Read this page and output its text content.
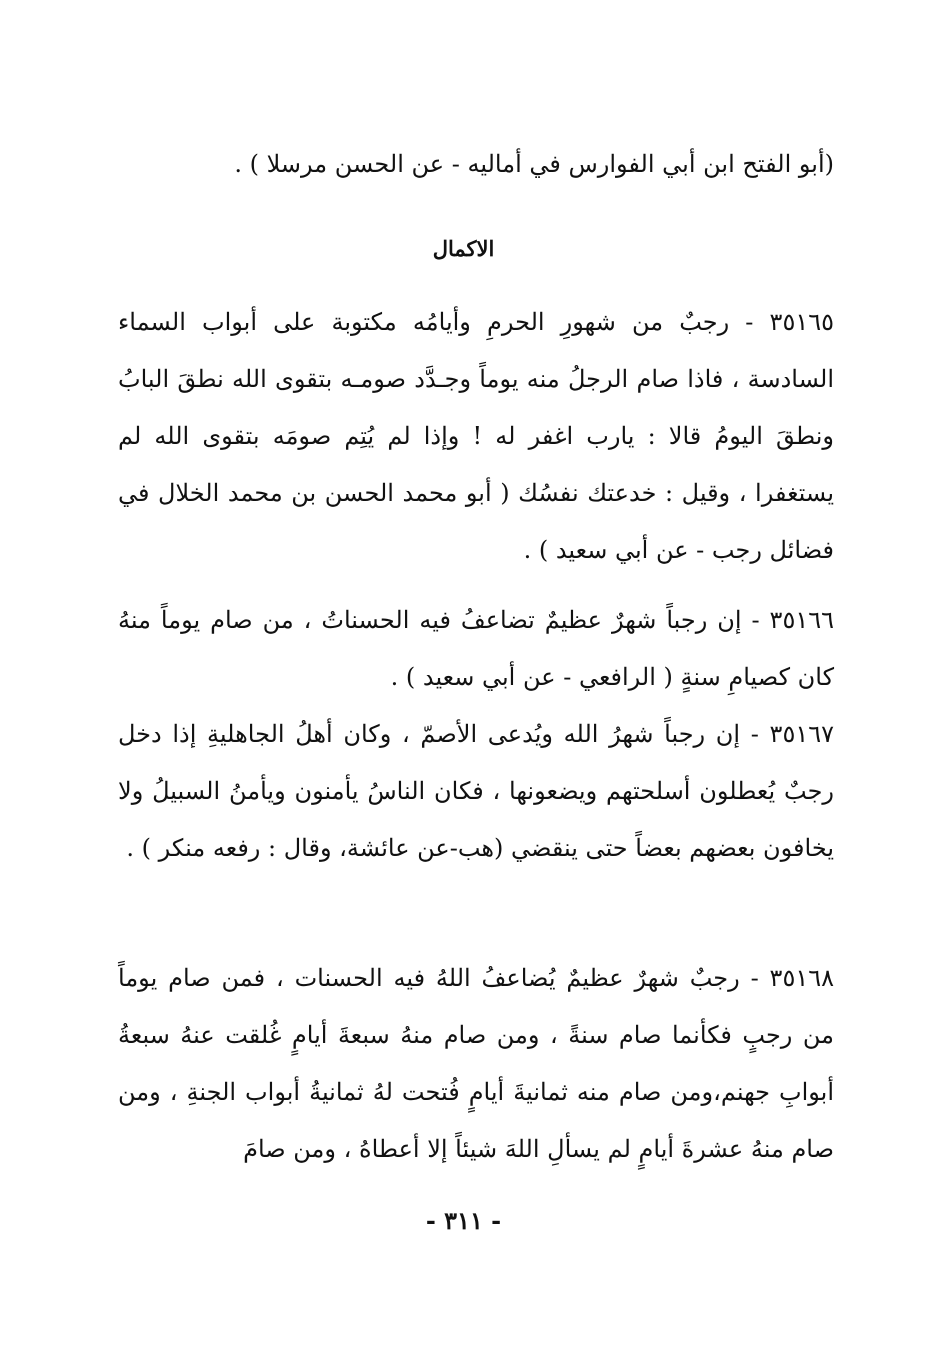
(أبو الفتح ابن أبي الفوارس في أماليه - عن الحسن مرسلا ) .
الاكمال
٣٥١٦٥ - رجبٌ من شهورِ الحرمِ وأيامُه مكتوبة على أبواب السماء السادسة ، فاذا صام الرجلُ منه يوماً وجـدَّد صومـه بتقوى الله نطقَ البابُ ونطقَ اليومُ قالا : يارب اغفر له ! وإذا لم يُتِم صومَه بتقوى الله لم يستغفرا ، وقيل : خدعتك نفسُك ( أبو محمد الحسن بن محمد الخلال في فضائل رجب - عن أبي سعيد ) .
٣٥١٦٦ - إن رجباً شهرٌ عظيمٌ تضاعفُ فيه الحسناتُ ، من صام يوماً منهُ كان كصيامِ سنةٍ ( الرافعي - عن أبي سعيد ) .
٣٥١٦٧ - إن رجباً شهرُ الله ويُدعى الأصمّ ، وكان أهلُ الجاهليةِ إذا دخل رجبٌ يُعطلون أسلحتهم ويضعونها ، فكان الناسُ يأمنون ويأمنُ السبيلُ ولا يخافون بعضهم بعضاً حتى ينقضي (هب-عن عائشة، وقال : رفعه منكر ) .
٣٥١٦٨ - رجبٌ شهرٌ عظيمٌ يُضاعفُ اللهُ فيه الحسنات ، فمن صام يوماً من رجبٍ فكأنما صام سنةً ، ومن صام منهُ سبعةَ أيامٍ غُلقت عنهُ سبعةُ أبوابِ جهنم،ومن صام منه ثمانيةَ أيامٍ فُتحت لهُ ثمانيةُ أبواب الجنةِ ، ومن صام منهُ عشرةَ أيامٍ لم يسألِ اللهَ شيئاً إلا أعطاهُ ، ومن صامَ
- ٣١١ -
